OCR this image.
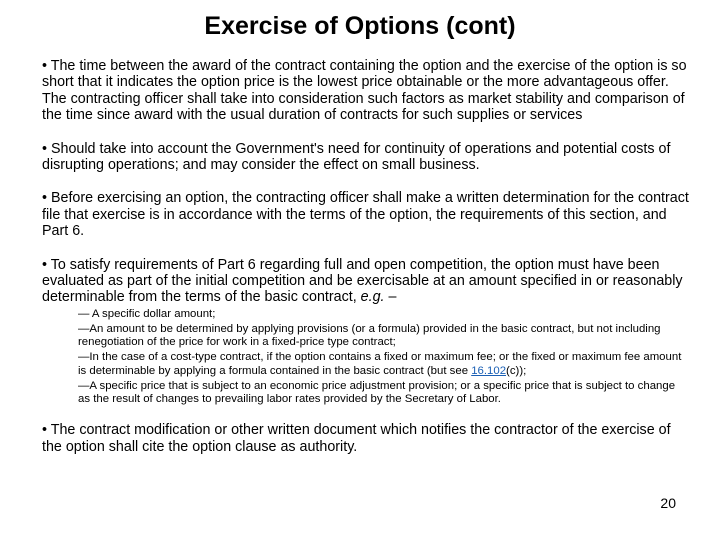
Exercise of Options (cont)
• The time between the award of the contract containing the option and the exercise of the option is so short that it indicates the option price is the lowest price obtainable or the more advantageous offer. The contracting officer shall take into consideration such factors as market stability and comparison of the time since award with the usual duration of contracts for such supplies or services
• Should take into account the Government's need for continuity of operations and potential costs of disrupting operations; and may consider the effect on small business.
• Before exercising an option, the contracting officer shall make a written determination for the contract file that exercise is in accordance with the terms of the option, the requirements of this section, and Part 6.
• To satisfy requirements of Part 6 regarding full and open competition, the option must have been evaluated as part of the initial competition and be exercisable at an amount specified in or reasonably determinable from the terms of the basic contract, e.g. –
— A specific dollar amount;
—An amount to be determined by applying provisions (or a formula) provided in the basic contract, but not including renegotiation of the price for work in a fixed-price type contract;
—In the case of a cost-type contract, if the option contains a fixed or maximum fee; or the fixed or maximum fee amount is determinable by applying a formula contained in the basic contract (but see 16.102(c));
—A specific price that is subject to an economic price adjustment provision; or a specific price that is subject to change as the result of changes to prevailing labor rates provided by the Secretary of Labor.
• The contract modification or other written document which notifies the contractor of the exercise of the option shall cite the option clause as authority.
20
